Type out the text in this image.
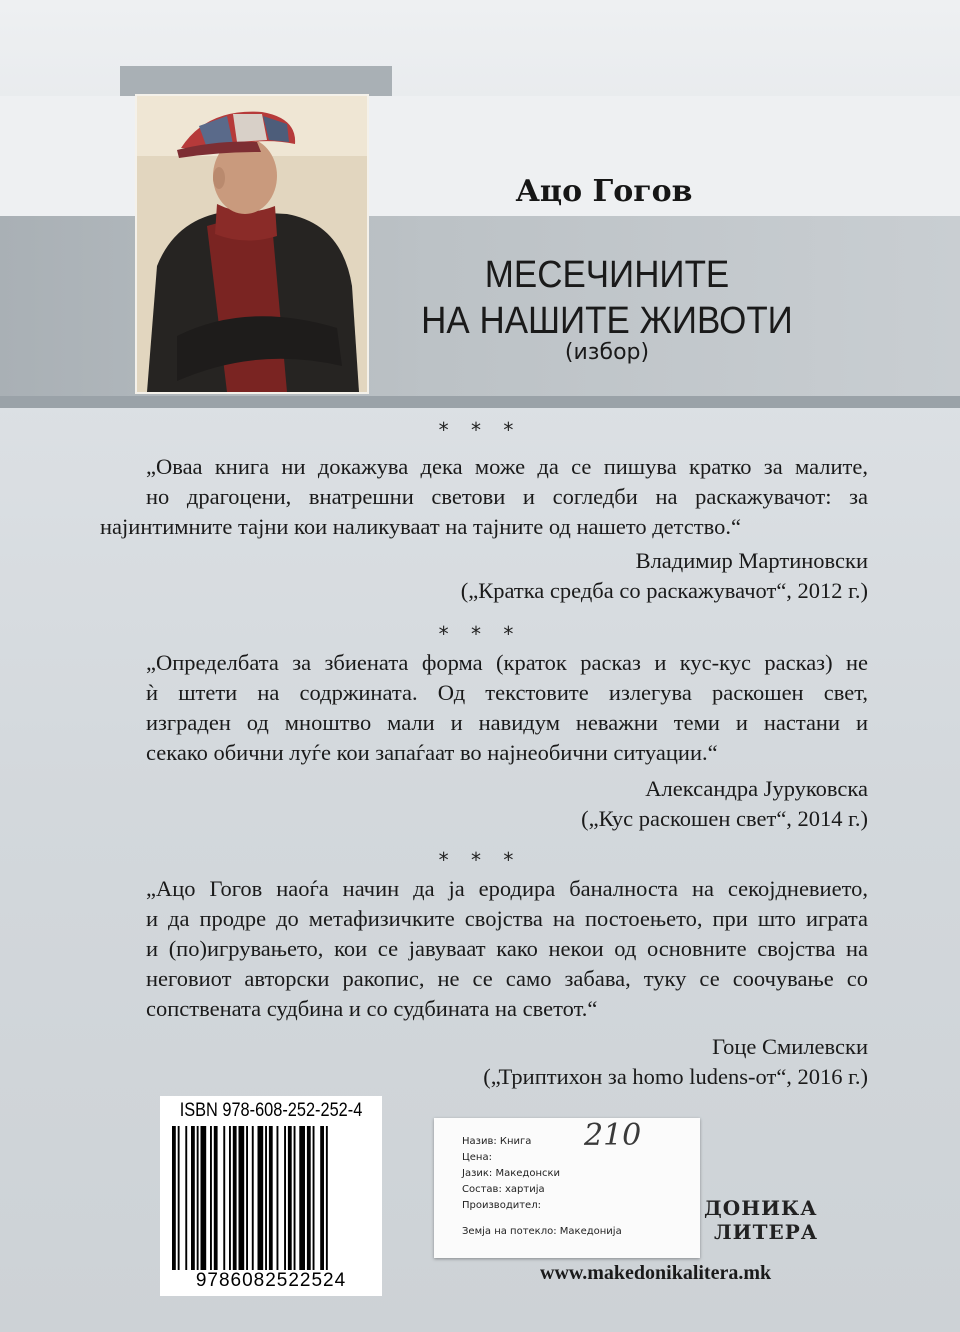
Ацо Гогов
МЕСЕЧИНИТЕ
НА НАШИТЕ ЖИВОТИ
(избор)
* * *
„Оваа книга ни докажува дека може да се пишува кратко за малите,
но драгоцени, внатрешни светови и согледби на раскажувачот: за
најинтимните тајни кои наликуваат на тајните од нашето детство.“
Владимир Мартиновски
(„Кратка средба со раскажувачот“, 2012 г.)
* * *
„Определбата за збиената форма (краток расказ и кус-кус расказ) не
ѝ штети на содржината. Од текстовите излегува раскошен свет,
изграден од мноштво мали и навидум неважни теми и настани и
секако обични луѓе кои запаѓаат во најнеобични ситуации.“
Александра Јуруковска
(„Кус раскошен свет“, 2014 г.)
* * *
„Ацо Гогов наоѓа начин да ја еродира баналноста на секојдневието,
и да продре до метафизичките својства на постоењето, при што играта
и (по)игрувањето, кои се јавуваат како некои од основните својства на
неговиот авторски ракопис, не се само забава, туку се соочување со
сопствената судбина и со судбината на светот.“
Гоце Смилевски
(„Триптихон за homo ludens-от“, 2016 г.)
ISBN 978-608-252-252-4
9786082522524
210
Назив: Книга
Цена:
Јазик: Македонски
Состав: хартија
Производител:
Земја на потекло: Македонија
ДОНИКА
ЛИТЕРА
www.makedonikalitera.mk
